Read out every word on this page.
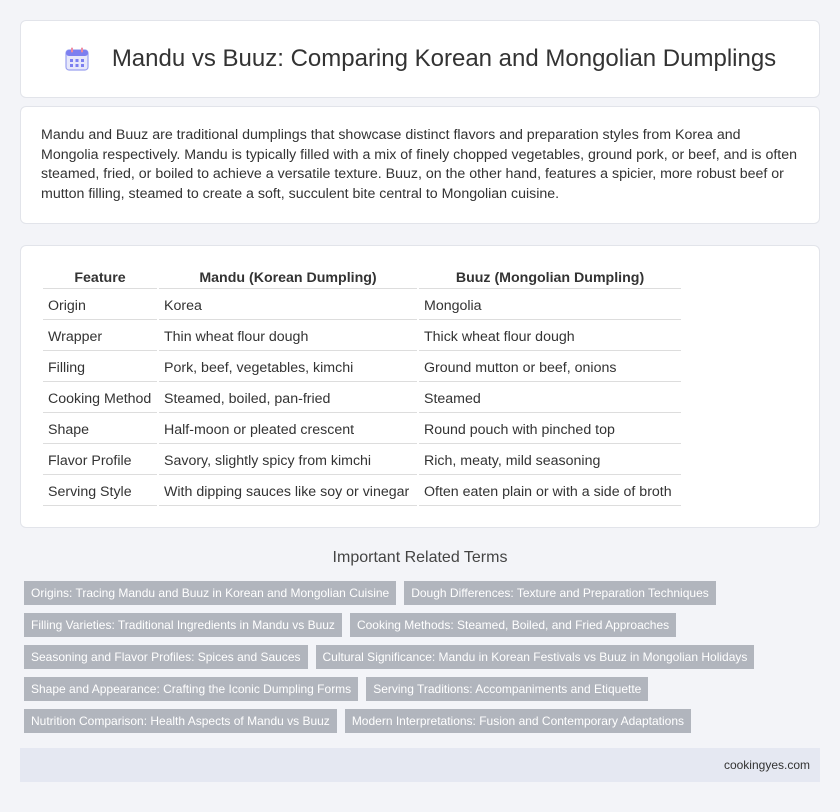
Mandu vs Buuz: Comparing Korean and Mongolian Dumplings

Mandu and Buuz are traditional dumplings that showcase distinct flavors and preparation styles from Korea and Mongolia respectively. Mandu is typically filled with a mix of finely chopped vegetables, ground pork, or beef, and is often steamed, fried, or boiled to achieve a versatile texture. Buuz, on the other hand, features a spicier, more robust beef or mutton filling, steamed to create a soft, succulent bite central to Mongolian cuisine.

Feature	Mandu (Korean Dumpling)	Buuz (Mongolian Dumpling)
Origin	Korea	Mongolia
Wrapper	Thin wheat flour dough	Thick wheat flour dough
Filling	Pork, beef, vegetables, kimchi	Ground mutton or beef, onions
Cooking Method	Steamed, boiled, pan-fried	Steamed
Shape	Half-moon or pleated crescent	Round pouch with pinched top
Flavor Profile	Savory, slightly spicy from kimchi	Rich, meaty, mild seasoning
Serving Style	With dipping sauces like soy or vinegar	Often eaten plain or with a side of broth
Important Related Terms
Origins: Tracing Mandu and Buuz in Korean and Mongolian Cuisine	Dough Differences: Texture and Preparation Techniques
Filling Varieties: Traditional Ingredients in Mandu vs Buuz	Cooking Methods: Steamed, Boiled, and Fried Approaches
Seasoning and Flavor Profiles: Spices and Sauces	Cultural Significance: Mandu in Korean Festivals vs Buuz in Mongolian Holidays
Shape and Appearance: Crafting the Iconic Dumpling Forms	Serving Traditions: Accompaniments and Etiquette
Nutrition Comparison: Health Aspects of Mandu vs Buuz	Modern Interpretations: Fusion and Contemporary Adaptations
cookingyes.com
